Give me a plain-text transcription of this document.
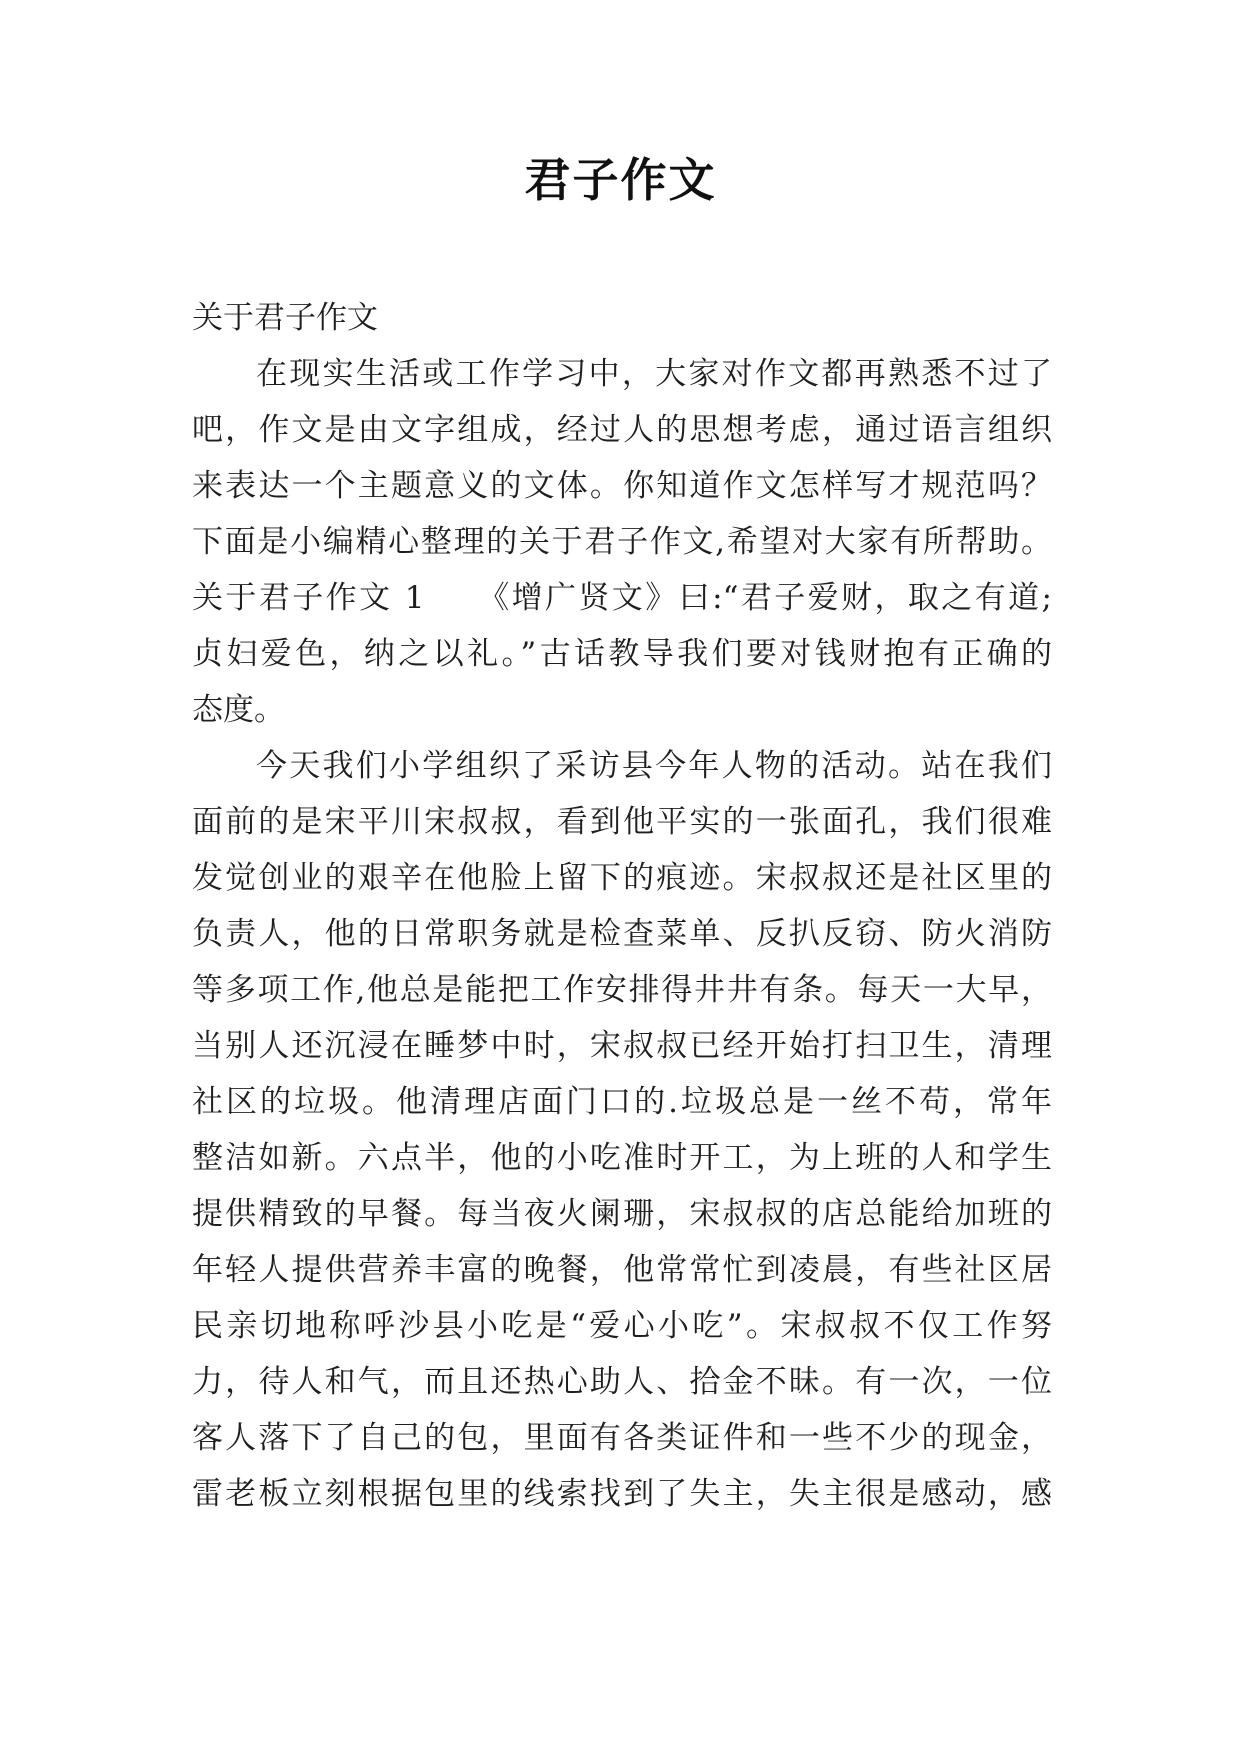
君子作文
关于君子作文
在现实生活或工作学习中，大家对作文都再熟悉不过了
吧，作文是由文字组成，经过人的思想考虑，通过语言组织
来表达一个主题意义的文体。你知道作文怎样写才规范吗？
下面是小编精心整理的关于君子作文,希望对大家有所帮助。
关于君子作文 1　　《增广贤文》曰:“君子爱财，取之有道;
贞妇爱色，纳之以礼。”古话教导我们要对钱财抱有正确的
态度。
今天我们小学组织了采访县今年人物的活动。站在我们
面前的是宋平川宋叔叔，看到他平实的一张面孔，我们很难
发觉创业的艰辛在他脸上留下的痕迹。宋叔叔还是社区里的
负责人，他的日常职务就是检查菜单、反扒反窃、防火消防
等多项工作,他总是能把工作安排得井井有条。每天一大早，
当别人还沉浸在睡梦中时，宋叔叔已经开始打扫卫生，清理
社区的垃圾。他清理店面门口的.垃圾总是一丝不苟，常年
整洁如新。六点半，他的小吃准时开工，为上班的人和学生
提供精致的早餐。每当夜火阑珊，宋叔叔的店总能给加班的
年轻人提供营养丰富的晚餐，他常常忙到凌晨，有些社区居
民亲切地称呼沙县小吃是“爱心小吃”。宋叔叔不仅工作努
力，待人和气，而且还热心助人、拾金不昧。有一次，一位
客人落下了自己的包，里面有各类证件和一些不少的现金，
雷老板立刻根据包里的线索找到了失主，失主很是感动，感
